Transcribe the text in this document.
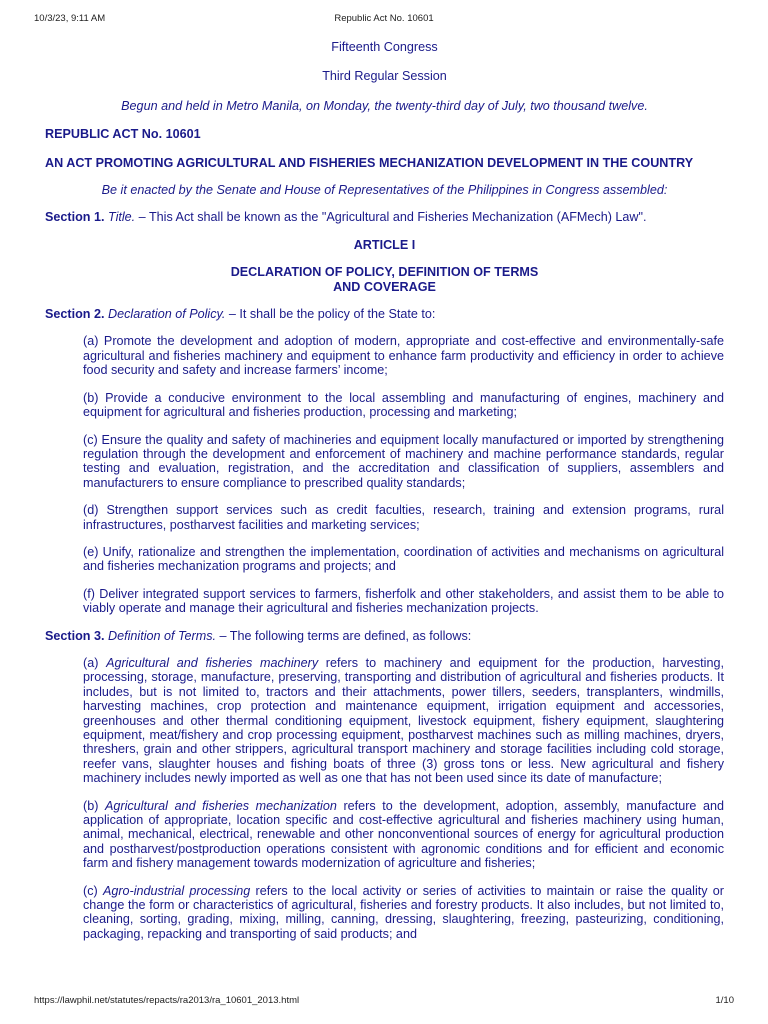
10/3/23, 9:11 AM	Republic Act No. 10601

Fifteenth Congress

Third Regular Session

Begun and held in Metro Manila, on Monday, the twenty-third day of July, two thousand twelve.

REPUBLIC ACT No. 10601

AN ACT PROMOTING AGRICULTURAL AND FISHERIES MECHANIZATION DEVELOPMENT IN THE COUNTRY

Be it enacted by the Senate and House of Representatives of the Philippines in Congress assembled:

Section 1. Title. – This Act shall be known as the "Agricultural and Fisheries Mechanization (AFMech) Law".

ARTICLE I

DECLARATION OF POLICY, DEFINITION OF TERMS

AND COVERAGE

Section 2. Declaration of Policy. – It shall be the policy of the State to:

(a) Promote the development and adoption of modern, appropriate and cost-effective and environmentally-safe agricultural and fisheries machinery and equipment to enhance farm productivity and efficiency in order to achieve food security and safety and increase farmers’ income;

(b) Provide a conducive environment to the local assembling and manufacturing of engines, machinery and equipment for agricultural and fisheries production, processing and marketing;

(c) Ensure the quality and safety of machineries and equipment locally manufactured or imported by strengthening regulation through the development and enforcement of machinery and machine performance standards, regular testing and evaluation, registration, and the accreditation and classification of suppliers, assemblers and manufacturers to ensure compliance to prescribed quality standards;

(d) Strengthen support services such as credit faculties, research, training and extension programs, rural infrastructures, postharvest facilities and marketing services;

(e) Unify, rationalize and strengthen the implementation, coordination of activities and mechanisms on agricultural and fisheries mechanization programs and projects; and

(f) Deliver integrated support services to farmers, fisherfolk and other stakeholders, and assist them to be able to viably operate and manage their agricultural and fisheries mechanization projects.

Section 3. Definition of Terms. – The following terms are defined, as follows:

(a) Agricultural and fisheries machinery refers to machinery and equipment for the production, harvesting, processing, storage, manufacture, preserving, transporting and distribution of agricultural and fisheries products. It includes, but is not limited to, tractors and their attachments, power tillers, seeders, transplanters, windmills, harvesting machines, crop protection and maintenance equipment, irrigation equipment and accessories, greenhouses and other thermal conditioning equipment, livestock equipment, fishery equipment, slaughtering equipment, meat/fishery and crop processing equipment, postharvest machines such as milling machines, dryers, threshers, grain and other strippers, agricultural transport machinery and storage facilities including cold storage, reefer vans, slaughter houses and fishing boats of three (3) gross tons or less. New agricultural and fishery machinery includes newly imported as well as one that has not been used since its date of manufacture;

(b) Agricultural and fisheries mechanization refers to the development, adoption, assembly, manufacture and application of appropriate, location specific and cost-effective agricultural and fisheries machinery using human, animal, mechanical, electrical, renewable and other nonconventional sources of energy for agricultural production and postharvest/postproduction operations consistent with agronomic conditions and for efficient and economic farm and fishery management towards modernization of agriculture and fisheries;

(c) Agro-industrial processing refers to the local activity or series of activities to maintain or raise the quality or change the form or characteristics of agricultural, fisheries and forestry products. It also includes, but not limited to, cleaning, sorting, grading, mixing, milling, canning, dressing, slaughtering, freezing, pasteurizing, conditioning, packaging, repacking and transporting of said products; and

https://lawphil.net/statutes/repacts/ra2013/ra_10601_2013.html	1/10
